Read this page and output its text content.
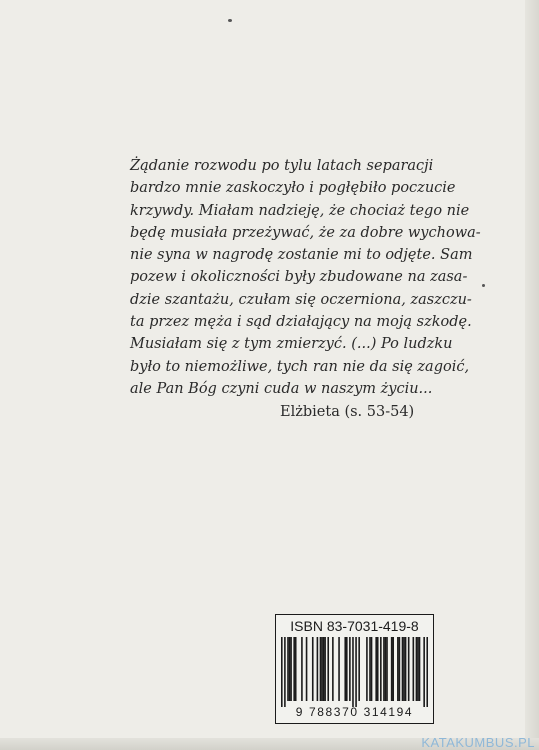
Żądanie rozwodu po tylu latach separacji
bardzo mnie zaskoczyło i pogłębiło poczucie
krzywdy. Miałam nadzieję, że chociaż tego nie
będę musiała przeżywać, że za dobre wychowa-
nie syna w nagrodę zostanie mi to odjęte. Sam
pozew i okoliczności były zbudowane na zasa-
dzie szantażu, czułam się oczerniona, zaszczu-
ta przez męża i sąd działający na moją szkodę.
Musiałam się z tym zmierzyć. (...) Po ludzku
było to niemożliwe, tych ran nie da się zagoić,
ale Pan Bóg czyni cuda w naszym życiu...
Elżbieta (s. 53-54)
ISBN 83-7031-419-8
9 788370 314194
KATAKUMBUS.PL
